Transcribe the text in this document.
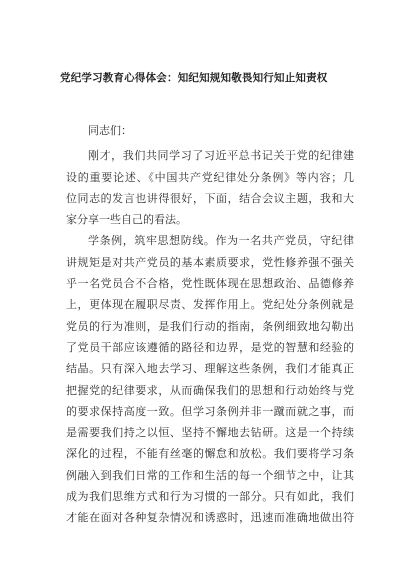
党纪学习教育心得体会：知纪知规知敬畏知行知止知责权
同志们：
刚才，我们共同学习了习近平总书记关于党的纪律建
设的重要论述、《中国共产党纪律处分条例》等内容；几
位同志的发言也讲得很好，下面，结合会议主题，我和大
家分享一些自己的看法。
学条例，筑牢思想防线。作为一名共产党员，守纪律
讲规矩是对共产党员的基本素质要求，党性修养强不强关
乎一名党员合不合格，党性既体现在思想政治、品德修养
上，更体现在履职尽责、发挥作用上。党纪处分条例就是
党员的行为准则，是我们行动的指南，条例细致地勾勒出
了党员干部应该遵循的路径和边界，是党的智慧和经验的
结晶。只有深入地去学习、理解这些条例，我们才能真正
把握党的纪律要求，从而确保我们的思想和行动始终与党
的要求保持高度一致。但学习条例并非一蹴而就之事，而
是需要我们持之以恒、坚持不懈地去钻研。这是一个持续
深化的过程，不能有丝毫的懈怠和放松。我们要将学习条
例融入到我们日常的工作和生活的每一个细节之中，让其
成为我们思维方式和行为习惯的一部分。只有如此，我们
才能在面对各种复杂情况和诱惑时，迅速而准确地做出符
